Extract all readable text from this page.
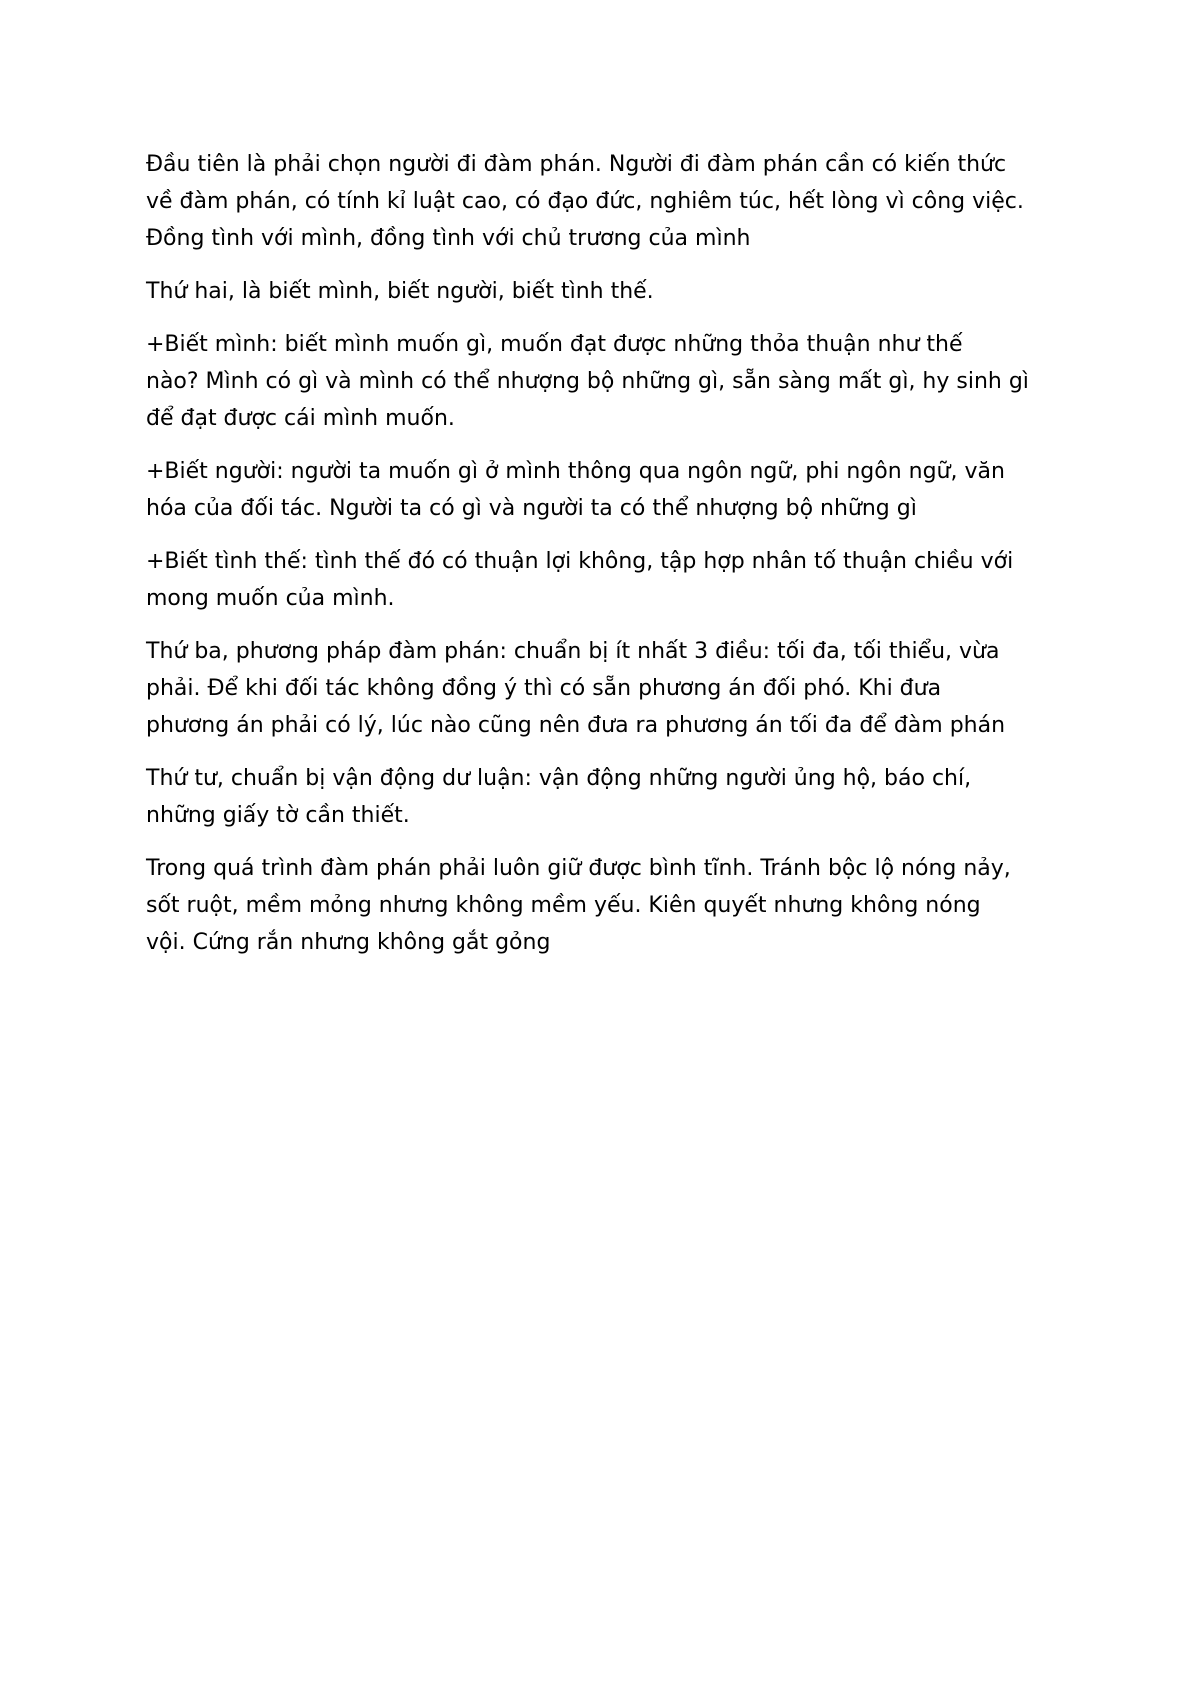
Đầu tiên là phải chọn người đi đàm phán. Người đi đàm phán cần có kiến thức
về đàm phán, có tính kỉ luật cao, có đạo đức, nghiêm túc, hết lòng vì công việc.
Đồng tình với mình, đồng tình với chủ trương của mình

Thứ hai, là biết mình, biết người, biết tình thế.

+Biết mình: biết mình muốn gì, muốn đạt được những thỏa thuận như thế
nào? Mình có gì và mình có thể nhượng bộ những gì, sẵn sàng mất gì, hy sinh gì
để đạt được cái mình muốn.

+Biết người: người ta muốn gì ở mình thông qua ngôn ngữ, phi ngôn ngữ, văn
hóa của đối tác. Người ta có gì và người ta có thể nhượng bộ những gì

+Biết tình thế: tình thế đó có thuận lợi không, tập hợp nhân tố thuận chiều với
mong muốn của mình.

Thứ ba, phương pháp đàm phán: chuẩn bị ít nhất 3 điều: tối đa, tối thiểu, vừa
phải. Để khi đối tác không đồng ý thì có sẵn phương án đối phó. Khi đưa
phương án phải có lý, lúc nào cũng nên đưa ra phương án tối đa để đàm phán

Thứ tư, chuẩn bị vận động dư luận: vận động những người ủng hộ, báo chí,
những giấy tờ cần thiết.

Trong quá trình đàm phán phải luôn giữ được bình tĩnh. Tránh bộc lộ nóng nảy,
sốt ruột, mềm mỏng nhưng không mềm yếu. Kiên quyết nhưng không nóng
vội. Cứng rắn nhưng không gắt gỏng
